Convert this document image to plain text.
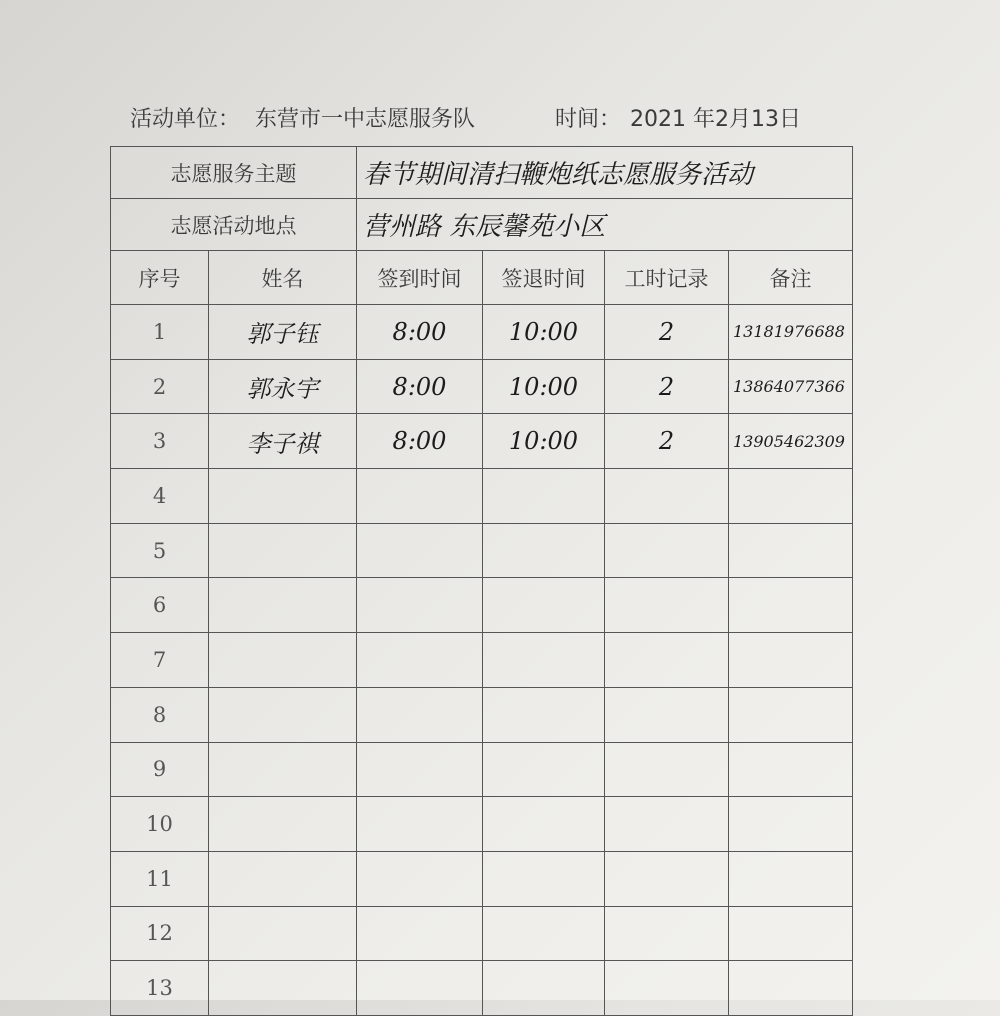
活动单位： 东营市一中志愿服务队	时间： 2021 年2月13日
志愿服务主题		春节期间清扫鞭炮纸志愿服务活动			
志愿活动地点		营州路 东辰馨苑小区			
序号	姓名	签到时间	签退时间	工时记录	备注
1	郭子钰	8:00	10:00	2	13181976688
2	郭永宇	8:00	10:00	2	13864077366
3	李子祺	8:00	10:00	2	13905462309
4					
5					
6					
7					
8					
9					
10					
11					
12					
13					
